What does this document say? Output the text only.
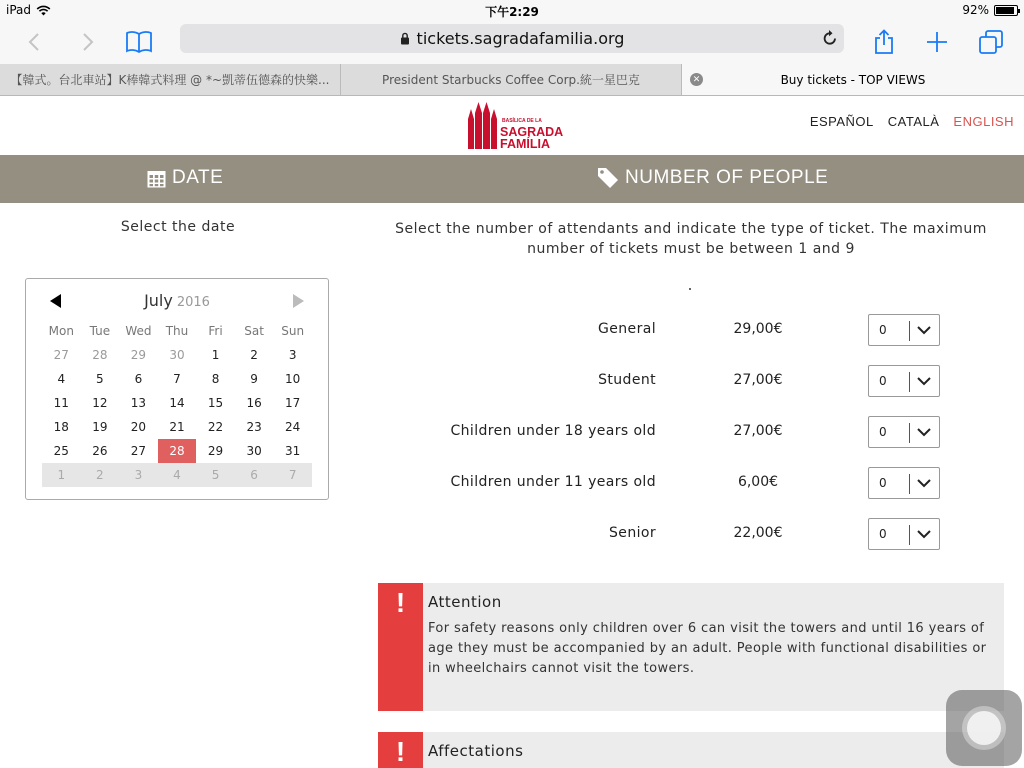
iPad	下午2:29	92%
tickets.sagradafamilia.org
【韓式。台北車站】K棒韓式料理 @ *~凱蒂伍德森的快樂...	President Starbucks Coffee Corp.統一星巴克	✕	Buy tickets - TOP VIEWS
BASÍLICA DE LA
SAGRADA
FAMÍLIA
ESPAÑOL CATALÀ ENGLISH
DATE	NUMBER OF PEOPLE
Select the date
July 2016
Mon	Tue	Wed	Thu	Fri	Sat	Sun
27	28	29	30	1	2	3
4	5	6	7	8	9	10
11	12	13	14	15	16	17
18	19	20	21	22	23	24
25	26	27	28	29	30	31
1	2	3	4	5	6	7
Select the number of attendants and indicate the type of ticket. The maximum number of tickets must be between 1 and 9
General	29,00€	0
Student	27,00€	0
Children under 18 years old	27,00€	0
Children under 11 years old	6,00€	0
Senior	22,00€	0
!	Attention
For safety reasons only children over 6 can visit the towers and until 16 years of age they must be accompanied by an adult. People with functional disabilities or in wheelchairs cannot visit the towers.
!	Affectations
